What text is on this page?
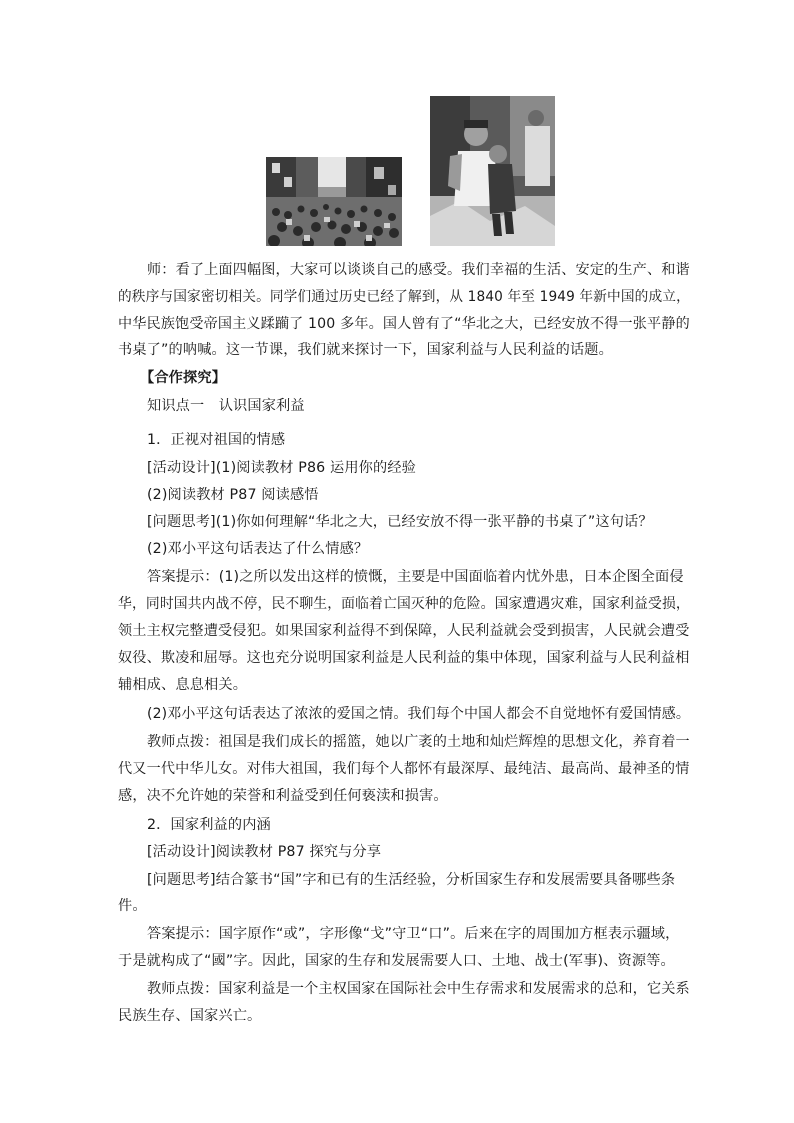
师：看了上面四幅图，大家可以谈谈自己的感受。我们幸福的生活、安定的生产、和谐
的秩序与国家密切相关。同学们通过历史已经了解到，从 1840 年至 1949 年新中国的成立，
中华民族饱受帝国主义蹂躏了 100 多年。国人曾有了“华北之大，已经安放不得一张平静的
书桌了”的呐喊。这一节课，我们就来探讨一下，国家利益与人民利益的话题。
【合作探究】
知识点一　认识国家利益
1．正视对祖国的情感
[活动设计](1)阅读教材 P86 运用你的经验
(2)阅读教材 P87 阅读感悟
[问题思考](1)你如何理解“华北之大，已经安放不得一张平静的书桌了”这句话？
(2)邓小平这句话表达了什么情感？
答案提示：(1)之所以发出这样的愤慨，主要是中国面临着内忧外患，日本企图全面侵
华，同时国共内战不停，民不聊生，面临着亡国灭种的危险。国家遭遇灾难，国家利益受损，
领土主权完整遭受侵犯。如果国家利益得不到保障，人民利益就会受到损害，人民就会遭受
奴役、欺凌和屈辱。这也充分说明国家利益是人民利益的集中体现，国家利益与人民利益相
辅相成、息息相关。
(2)邓小平这句话表达了浓浓的爱国之情。我们每个中国人都会不自觉地怀有爱国情感。
教师点拨：祖国是我们成长的摇篮，她以广袤的土地和灿烂辉煌的思想文化，养育着一
代又一代中华儿女。对伟大祖国，我们每个人都怀有最深厚、最纯洁、最高尚、最神圣的情
感，决不允许她的荣誉和利益受到任何亵渎和损害。
2．国家利益的内涵
[活动设计]阅读教材 P87 探究与分享
[问题思考]结合篆书“国”字和已有的生活经验，分析国家生存和发展需要具备哪些条
件。
答案提示：国字原作“或”，字形像“戈”守卫“口”。后来在字的周围加方框表示疆域，
于是就构成了“國”字。因此，国家的生存和发展需要人口、土地、战士(军事)、资源等。
教师点拨：国家利益是一个主权国家在国际社会中生存需求和发展需求的总和，它关系
民族生存、国家兴亡。
